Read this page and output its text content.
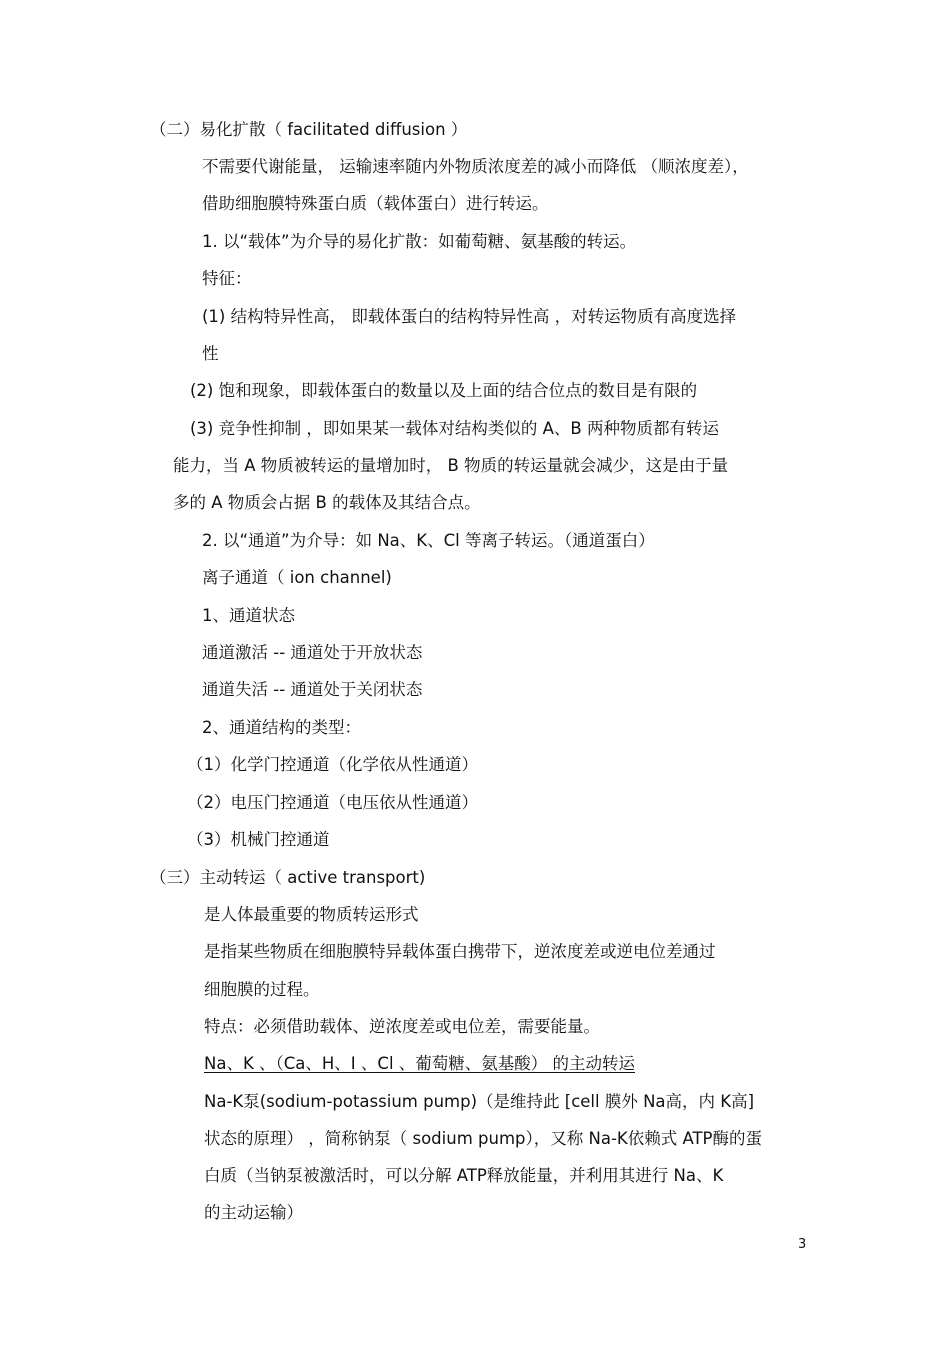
（二）易化扩散（ facilitated diffusion ）
不需要代谢能量， 运输速率随内外物质浓度差的减小而降低 （顺浓度差），
借助细胞膜特殊蛋白质（载体蛋白）进行转运。
1. 以“载体”为介导的易化扩散：如葡萄糖、氨基酸的转运。
特征：
(1) 结构特异性高， 即载体蛋白的结构特异性高 ，对转运物质有高度选择
性
(2) 饱和现象，即载体蛋白的数量以及上面的结合位点的数目是有限的
(3) 竞争性抑制 ，即如果某一载体对结构类似的 A、B 两种物质都有转运
能力，当 A 物质被转运的量增加时， B 物质的转运量就会减少，这是由于量
多的 A 物质会占据 B 的载体及其结合点。
2. 以“通道”为介导：如 Na、K、Cl 等离子转运。（通道蛋白）
离子通道（ ion channel)
1、通道状态
通道激活 -- 通道处于开放状态
通道失活 -- 通道处于关闭状态
2、通道结构的类型：
（1）化学门控通道（化学依从性通道）
（2）电压门控通道（电压依从性通道）
（3）机械门控通道
（三）主动转运（ active transport)
是人体最重要的物质转运形式
是指某些物质在细胞膜特异载体蛋白携带下，逆浓度差或逆电位差通过
细胞膜的过程。
特点：必须借助载体、逆浓度差或电位差，需要能量。
Na、K 、（Ca、H、I 、Cl 、葡萄糖、氨基酸） 的主动转运
Na-K泵(sodium-potassium pump)（是维持此 [cell 膜外 Na高，内 K高]
状态的原理） ，简称钠泵（ sodium pump），又称 Na-K依赖式 ATP酶的蛋
白质（当钠泵被激活时，可以分解 ATP释放能量，并利用其进行 Na、K
的主动运输）
3
